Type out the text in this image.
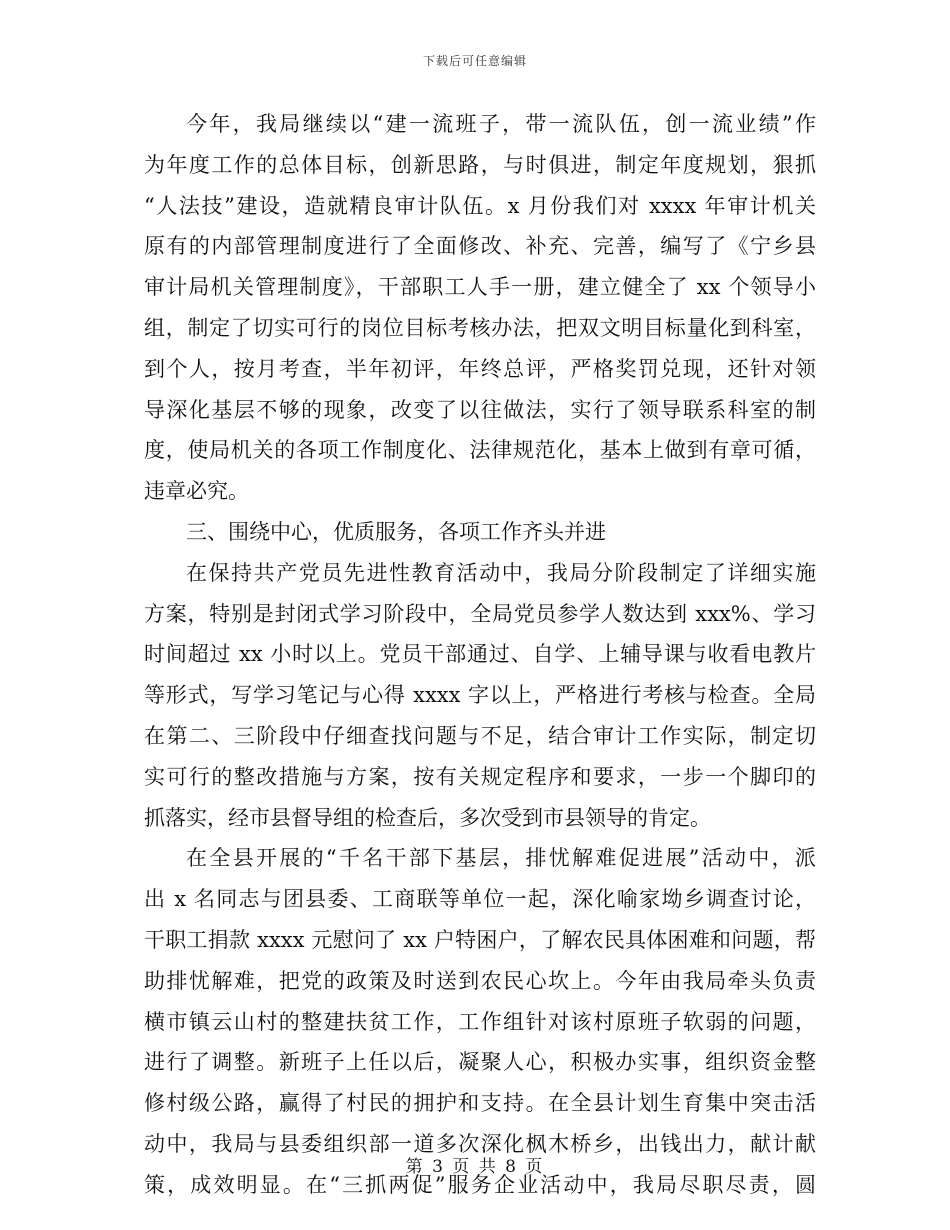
下载后可任意编辑
今年，我局继续以“建一流班子，带一流队伍，创一流业绩”作
为年度工作的总体目标，创新思路，与时俱进，制定年度规划，狠抓
“人法技”建设，造就精良审计队伍。x 月份我们对 xxxx 年审计机关
原有的内部管理制度进行了全面修改、补充、完善，编写了《宁乡县
审计局机关管理制度》，干部职工人手一册，建立健全了 xx 个领导小
组，制定了切实可行的岗位目标考核办法，把双文明目标量化到科室，
到个人，按月考查，半年初评，年终总评，严格奖罚兑现，还针对领
导深化基层不够的现象，改变了以往做法，实行了领导联系科室的制
度，使局机关的各项工作制度化、法律规范化，基本上做到有章可循，
违章必究。
三、围绕中心，优质服务，各项工作齐头并进
在保持共产党员先进性教育活动中，我局分阶段制定了详细实施
方案，特别是封闭式学习阶段中，全局党员参学人数达到 xxx%、学习
时间超过 xx 小时以上。党员干部通过、自学、上辅导课与收看电教片
等形式，写学习笔记与心得 xxxx 字以上，严格进行考核与检查。全局
在第二、三阶段中仔细查找问题与不足，结合审计工作实际，制定切
实可行的整改措施与方案，按有关规定程序和要求，一步一个脚印的
抓落实，经市县督导组的检查后，多次受到市县领导的肯定。
在全县开展的“千名干部下基层，排忧解难促进展”活动中，派
出 x 名同志与团县委、工商联等单位一起，深化喻家坳乡调查讨论，
干职工捐款 xxxx 元慰问了 xx 户特困户，了解农民具体困难和问题，帮
助排忧解难，把党的政策及时送到农民心坎上。今年由我局牵头负责
横市镇云山村的整建扶贫工作，工作组针对该村原班子软弱的问题，
进行了调整。新班子上任以后，凝聚人心，积极办实事，组织资金整
修村级公路，赢得了村民的拥护和支持。在全县计划生育集中突击活
动中，我局与县委组织部一道多次深化枫木桥乡，出钱出力，献计献
策，成效明显。在“三抓两促”服务企业活动中，我局尽职尽责，圆
第 3 页 共 8 页
